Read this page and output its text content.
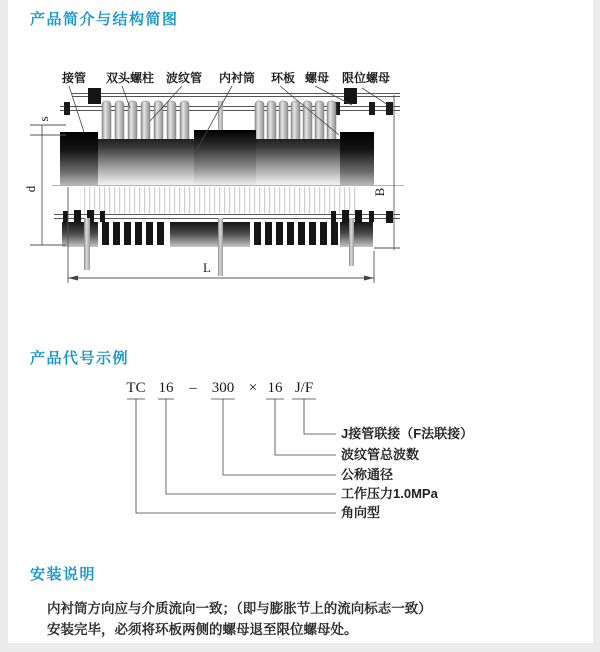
产品简介与结构简图
产品代号示例
安装说明
s
d	B
L
接管 双头螺柱 波纹管 内衬筒 环板 螺母 限位螺母
TC 16 – 300 × 16 J/F
J接管联接（F法联接）
波纹管总波数
公称通径
工作压力1.0MPa
角向型
内衬筒方向应与介质流向一致；（即与膨胀节上的流向标志一致）
安装完毕，必须将环板两侧的螺母退至限位螺母处。
